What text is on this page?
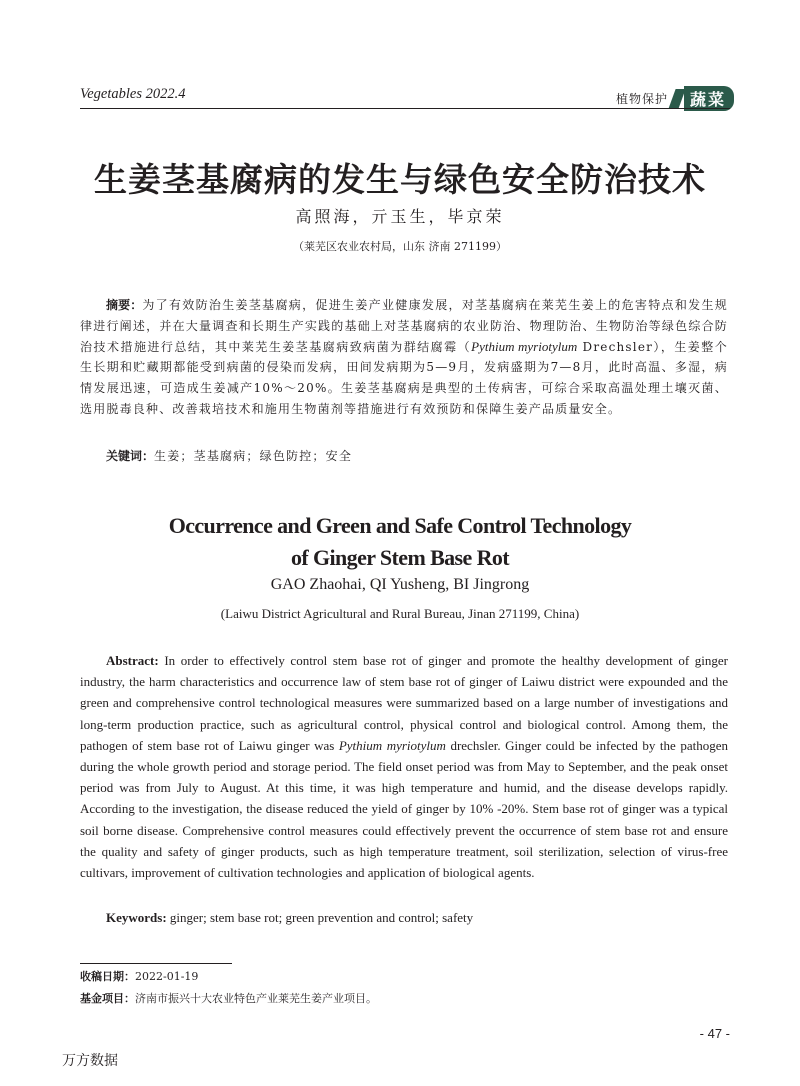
Vegetables 2022.4	植物保护	蔬菜
生姜茎基腐病的发生与绿色安全防治技术
高照海，亓玉生，毕京荣
（莱芜区农业农村局，山东 济南 271199）

摘要：为了有效防治生姜茎基腐病，促进生姜产业健康发展，对茎基腐病在莱芜生姜上的危害特点和发生规律进行阐述，并在大量调查和长期生产实践的基础上对茎基腐病的农业防治、物理防治、生物防治等绿色综合防治技术措施进行总结，其中莱芜生姜茎基腐病致病菌为群结腐霉（Pythium myriotylum Drechsler），生姜整个生长期和贮藏期都能受到病菌的侵染而发病，田间发病期为5—9月，发病盛期为7—8月，此时高温、多湿，病情发展迅速，可造成生姜减产10%～20%。生姜茎基腐病是典型的土传病害，可综合采取高温处理土壤灭菌、选用脱毒良种、改善栽培技术和施用生物菌剂等措施进行有效预防和保障生姜产品质量安全。

关键词：生姜；茎基腐病；绿色防控；安全

Occurrence and Green and Safe Control Technology
of Ginger Stem Base Rot
GAO Zhaohai, QI Yusheng, BI Jingrong
(Laiwu District Agricultural and Rural Bureau, Jinan 271199, China)

Abstract: In order to effectively control stem base rot of ginger and promote the healthy development of ginger industry, the harm characteristics and occurrence law of stem base rot of ginger of Laiwu district were expounded and the green and comprehensive control technological measures were summarized based on a large number of investigations and long-term production practice, such as agricultural control, physical control and biological control. Among them, the pathogen of stem base rot of Laiwu ginger was Pythium myriotylum drechsler. Ginger could be infected by the pathogen during the whole growth period and storage period. The field onset period was from May to September, and the peak onset period was from July to August. At this time, it was high temperature and humid, and the disease develops rapidly. According to the investigation, the disease reduced the yield of ginger by 10% -20%. Stem base rot of ginger was a typical soil borne disease. Comprehensive control measures could effectively prevent the occurrence of stem base rot and ensure the quality and safety of ginger products, such as high temperature treatment, soil sterilization, selection of virus-free cultivars, improvement of cultivation technologies and application of biological agents.

Keywords: ginger; stem base rot; green prevention and control; safety

收稿日期：2022-01-19
基金项目：济南市振兴十大农业特色产业莱芜生姜产业项目。
- 47 -
万方数据
